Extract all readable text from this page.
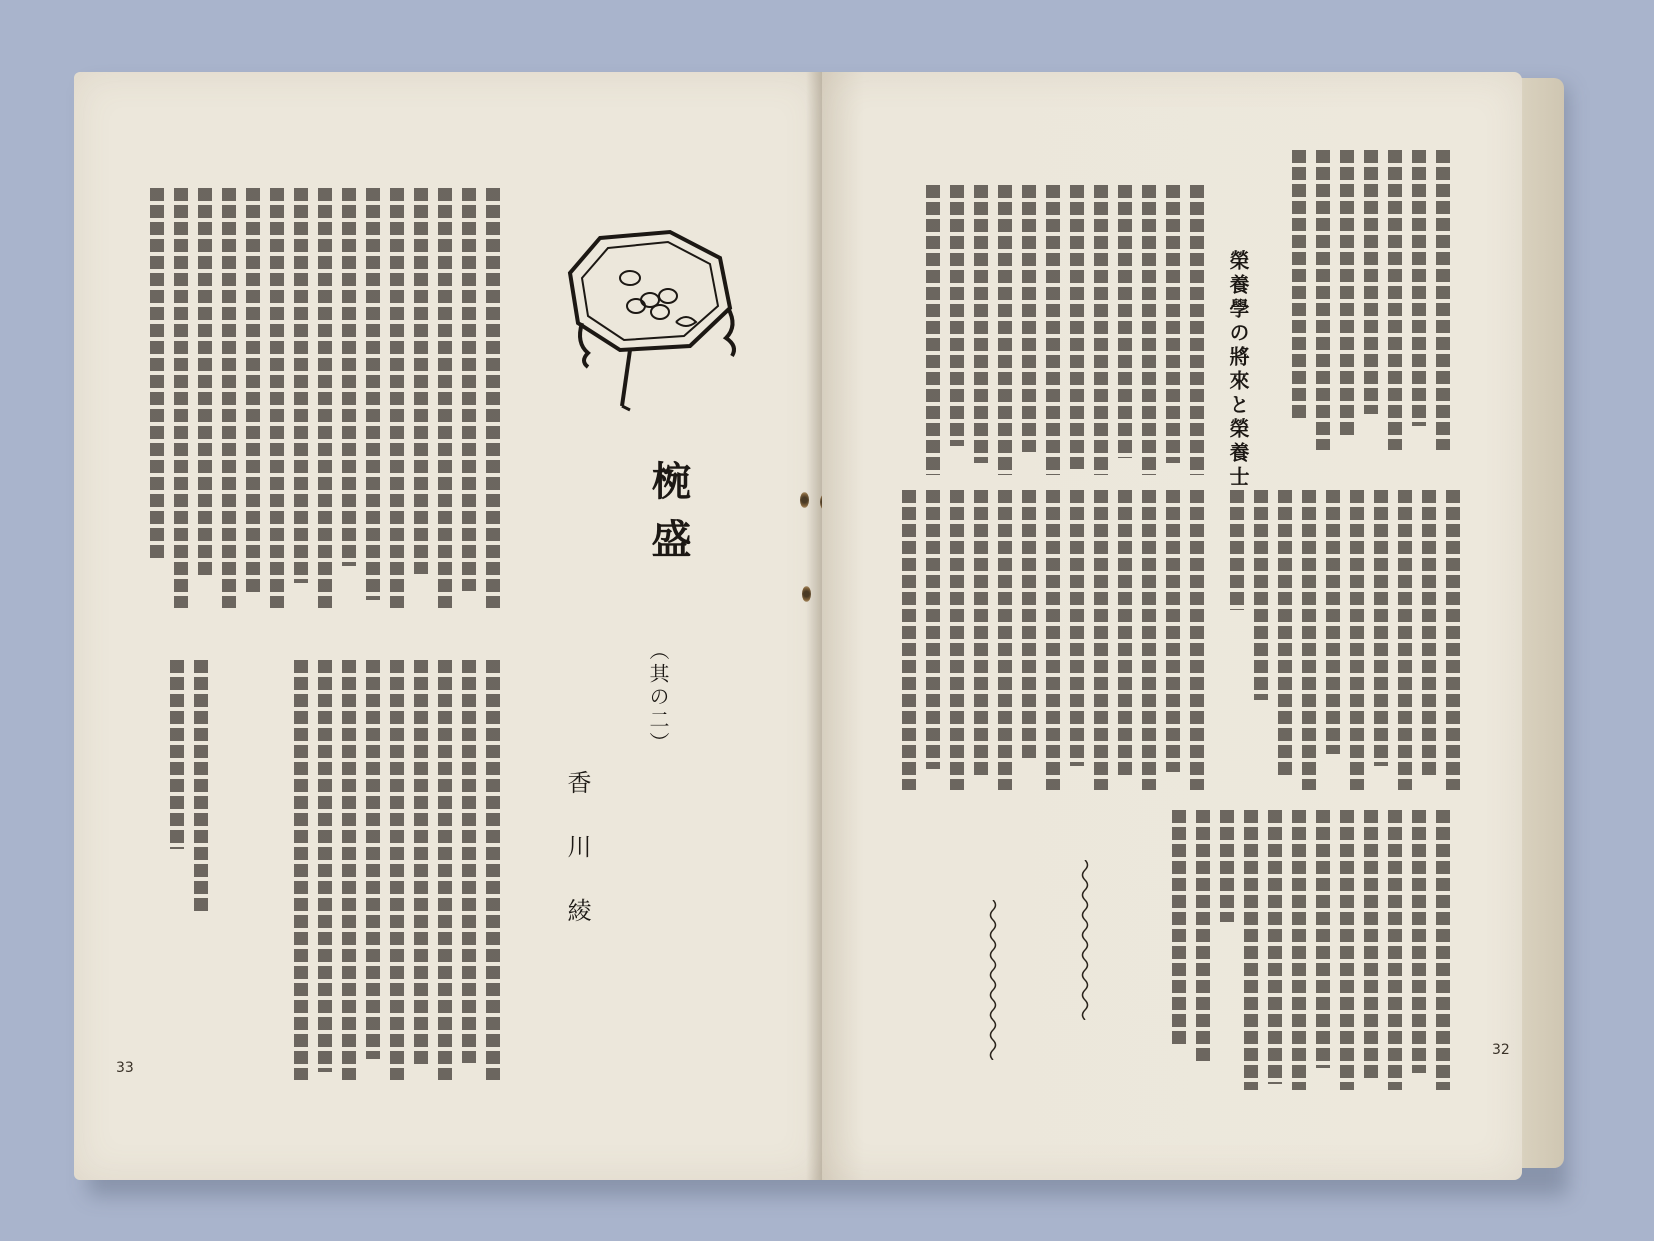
椀盛
（其の二）
香川綾
33
榮養學の將來と榮養士
32
